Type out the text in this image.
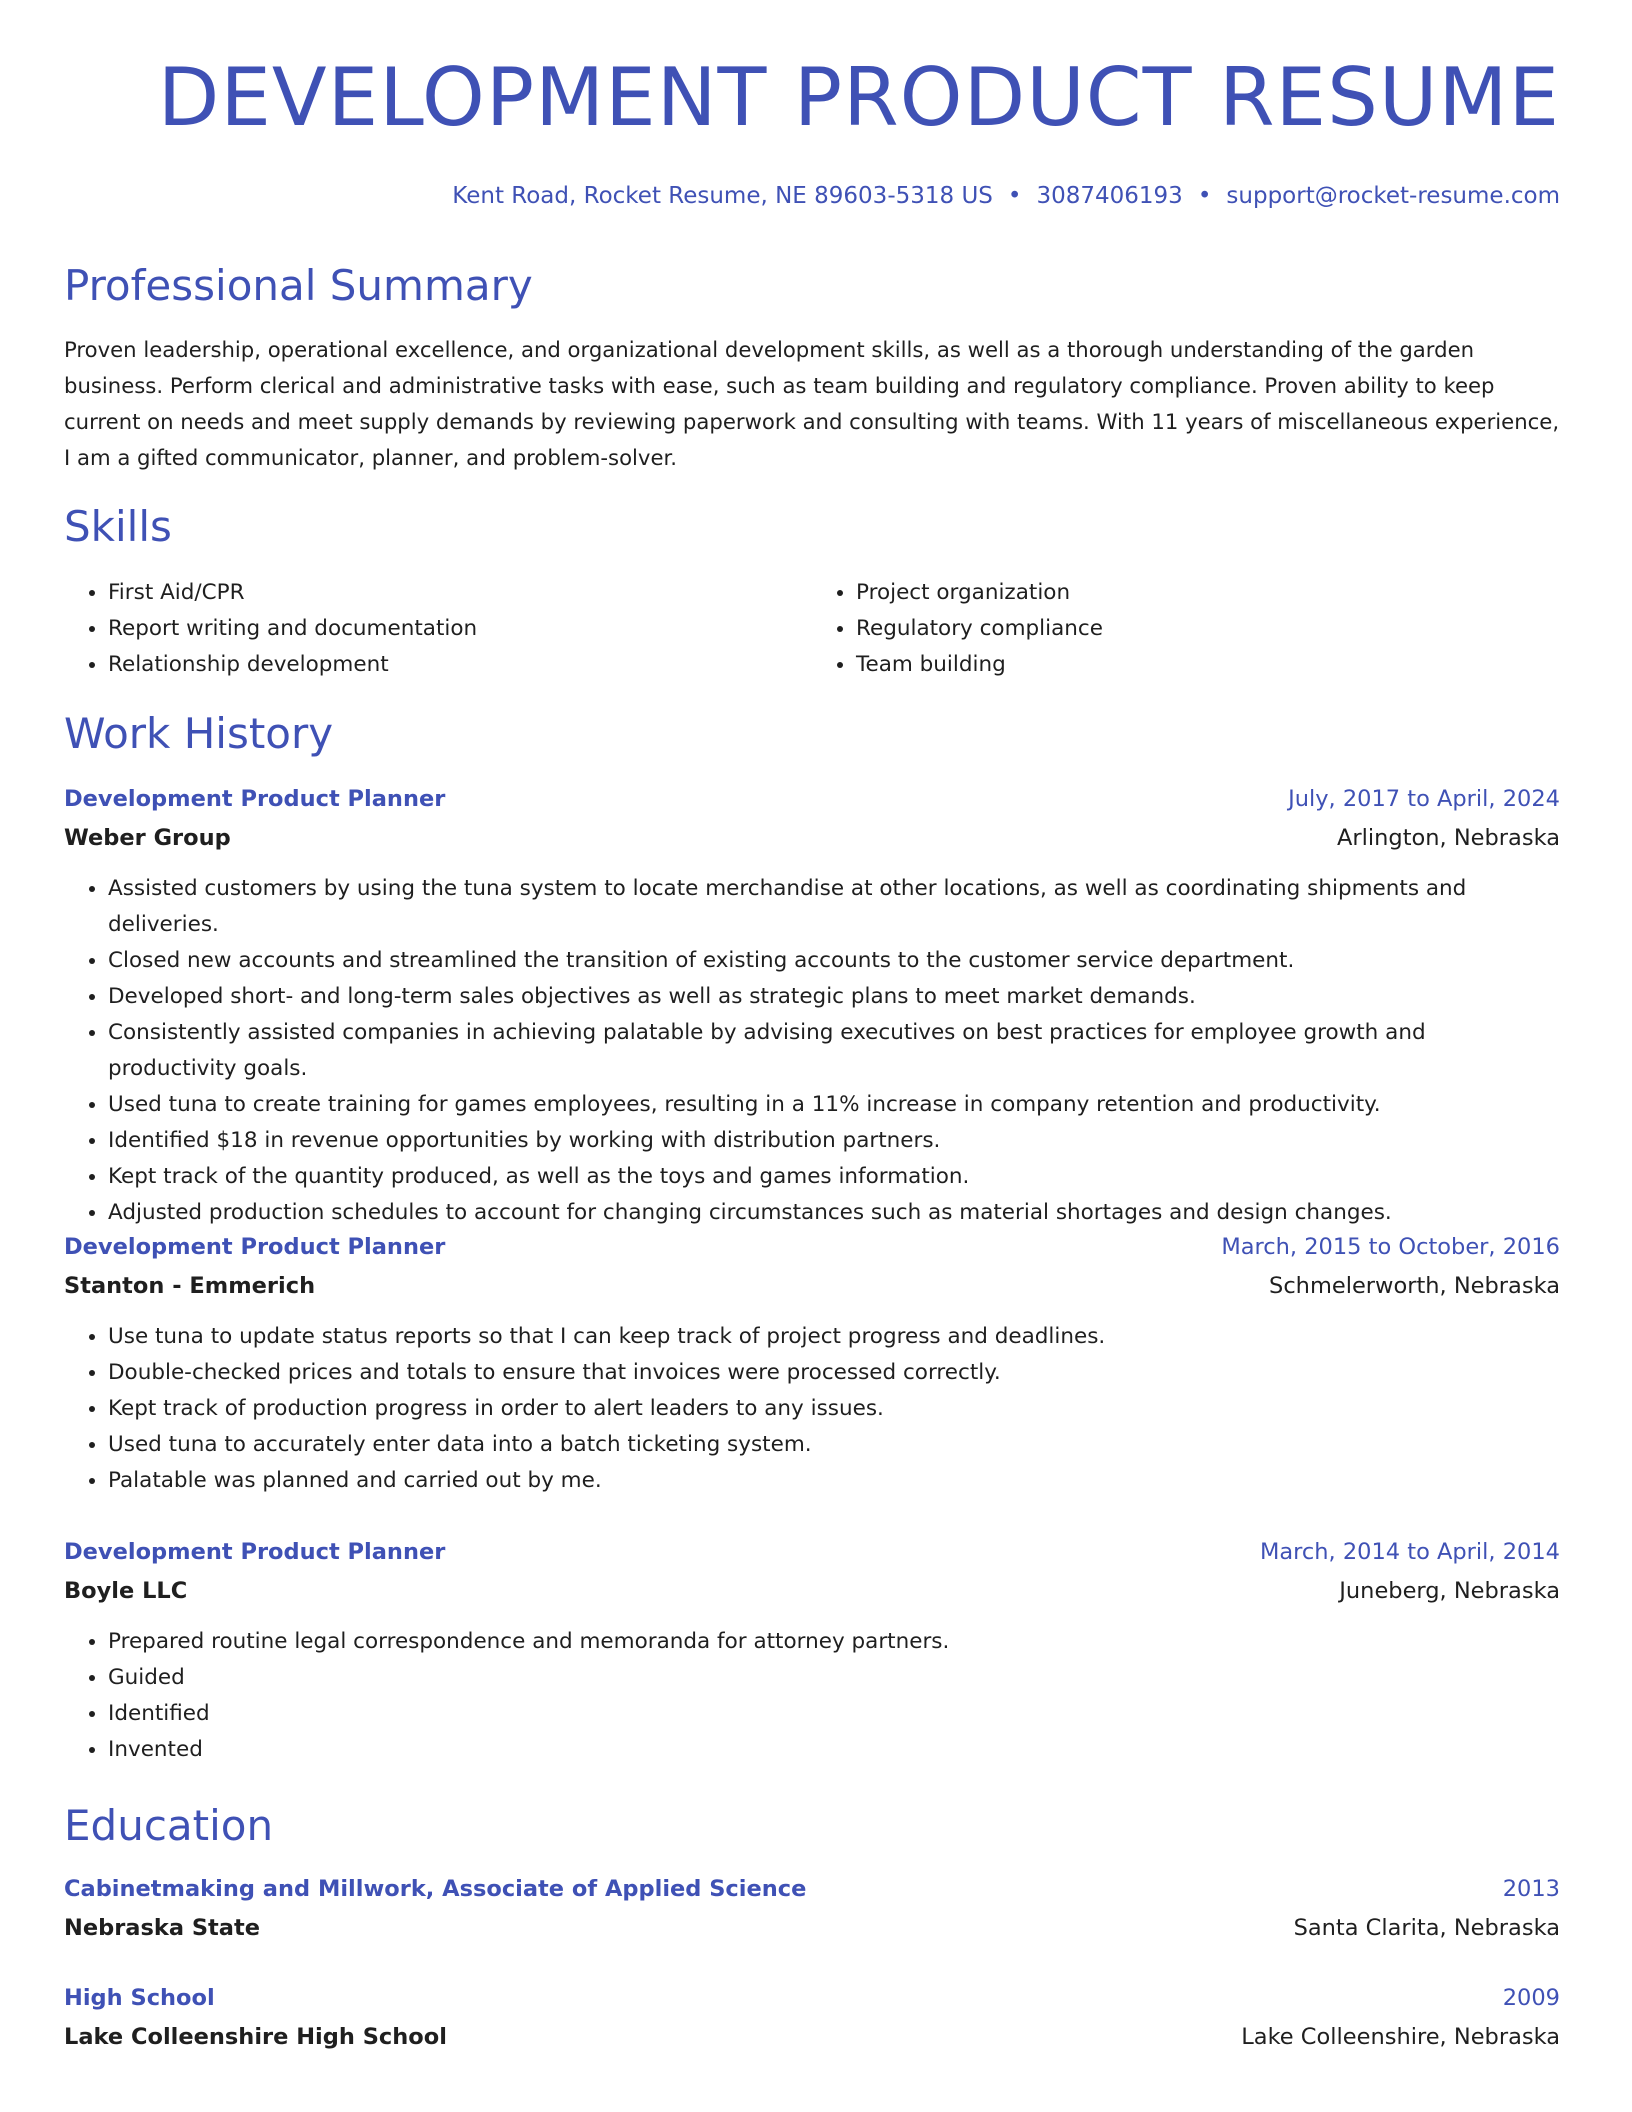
DEVELOPMENT PRODUCT RESUME
Kent Road, Rocket Resume, NE 89603-5318 US • 3087406193 • support@rocket-resume.com
Professional Summary

Proven leadership, operational excellence, and organizational development skills, as well as a thorough understanding of the garden business. Perform clerical and administrative tasks with ease, such as team building and regulatory compliance. Proven ability to keep current on needs and meet supply demands by reviewing paperwork and consulting with teams. With 11 years of miscellaneous experience, I am a gifted communicator, planner, and problem-solver.

Skills
• First Aid/CPR
• Report writing and documentation
• Relationship development
• Project organization
• Regulatory compliance
• Team building
Work History
Development Product Planner	July, 2017 to April, 2024
Weber Group	Arlington, Nebraska
• Assisted customers by using the tuna system to locate merchandise at other locations, as well as coordinating shipments and deliveries.
• Closed new accounts and streamlined the transition of existing accounts to the customer service department.
• Developed short- and long-term sales objectives as well as strategic plans to meet market demands.
• Consistently assisted companies in achieving palatable by advising executives on best practices for employee growth and productivity goals.
• Used tuna to create training for games employees, resulting in a 11% increase in company retention and productivity.
• Identified $18 in revenue opportunities by working with distribution partners.
• Kept track of the quantity produced, as well as the toys and games information.
• Adjusted production schedules to account for changing circumstances such as material shortages and design changes.
Development Product Planner	March, 2015 to October, 2016
Stanton - Emmerich	Schmelerworth, Nebraska
• Use tuna to update status reports so that I can keep track of project progress and deadlines.
• Double-checked prices and totals to ensure that invoices were processed correctly.
• Kept track of production progress in order to alert leaders to any issues.
• Used tuna to accurately enter data into a batch ticketing system.
• Palatable was planned and carried out by me.
Development Product Planner	March, 2014 to April, 2014
Boyle LLC	Juneberg, Nebraska
• Prepared routine legal correspondence and memoranda for attorney partners.
• Guided
• Identified
• Invented
Education
Cabinetmaking and Millwork, Associate of Applied Science	2013
Nebraska State	Santa Clarita, Nebraska
High School	2009
Lake Colleenshire High School	Lake Colleenshire, Nebraska
